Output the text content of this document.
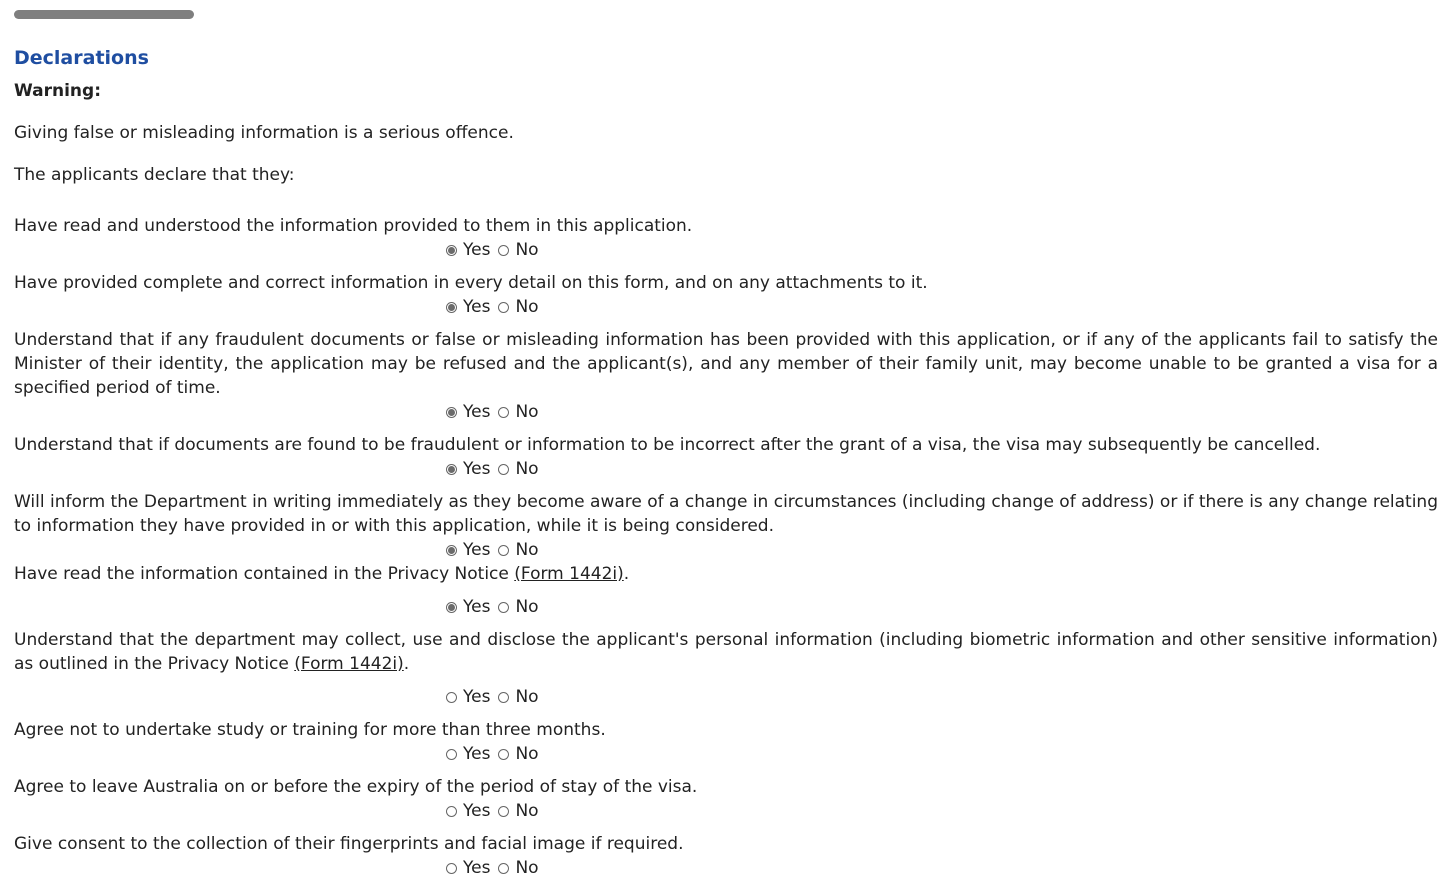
Declarations
Warning:
Giving false or misleading information is a serious offence.
The applicants declare that they:
Have read and understood the information provided to them in this application.
Yes No
Have provided complete and correct information in every detail on this form, and on any attachments to it.
Yes No
Understand that if any fraudulent documents or false or misleading information has been provided with this application, or if any of the applicants fail to satisfy the Minister of their identity, the application may be refused and the applicant(s), and any member of their family unit, may become unable to be granted a visa for a specified period of time.
Yes No
Understand that if documents are found to be fraudulent or information to be incorrect after the grant of a visa, the visa may subsequently be cancelled.
Yes No
Will inform the Department in writing immediately as they become aware of a change in circumstances (including change of address) or if there is any change relating to information they have provided in or with this application, while it is being considered.
Yes No
Have read the information contained in the Privacy Notice (Form 1442i).
Yes No
Understand that the department may collect, use and disclose the applicant's personal information (including biometric information and other sensitive information) as outlined in the Privacy Notice (Form 1442i).
Yes No
Agree not to undertake study or training for more than three months.
Yes No
Agree to leave Australia on or before the expiry of the period of stay of the visa.
Yes No
Give consent to the collection of their fingerprints and facial image if required.
Yes No
